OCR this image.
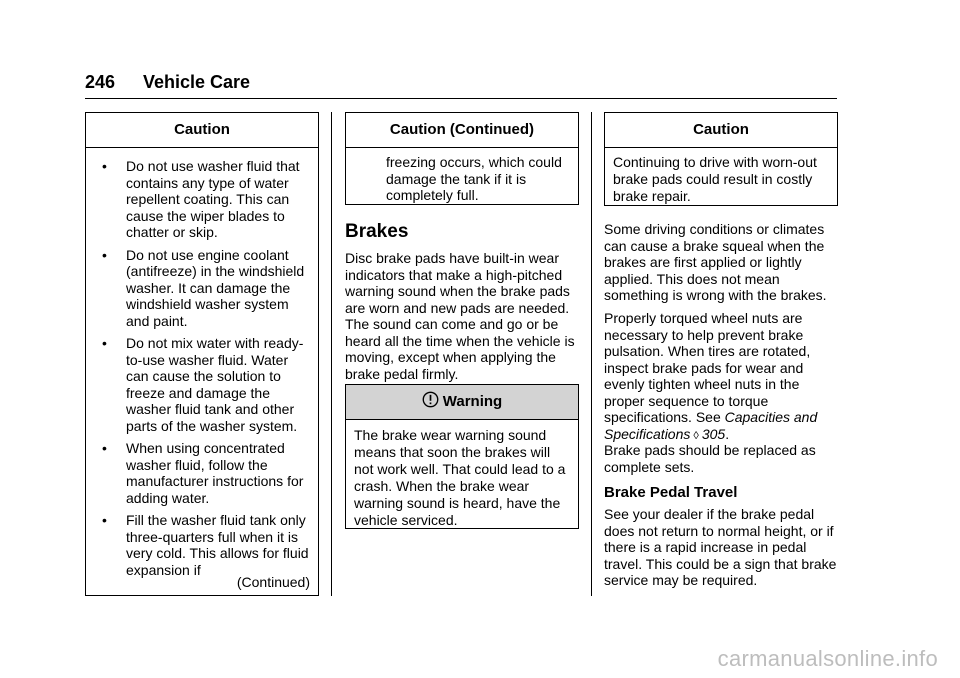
246 Vehicle Care
Caution
• Do not use washer fluid that contains any type of water repellent coating. This can cause the wiper blades to chatter or skip.
• Do not use engine coolant (antifreeze) in the windshield washer. It can damage the windshield washer system and paint.
• Do not mix water with ready-to-use washer fluid. Water can cause the solution to freeze and damage the washer fluid tank and other parts of the washer system.
• When using concentrated washer fluid, follow the manufacturer instructions for adding water.
• Fill the washer fluid tank only three-quarters full when it is very cold. This allows for fluid expansion if
(Continued)
Caution (Continued)
freezing occurs, which could damage the tank if it is completely full.
Brakes

Disc brake pads have built-in wear indicators that make a high-pitched warning sound when the brake pads are worn and new pads are needed. The sound can come and go or be heard all the time when the vehicle is moving, except when applying the brake pedal firmly.

Warning
The brake wear warning sound means that soon the brakes will not work well. That could lead to a crash. When the brake wear warning sound is heard, have the vehicle serviced.
Caution
Continuing to drive with worn-out brake pads could result in costly brake repair.

Some driving conditions or climates can cause a brake squeal when the brakes are first applied or lightly applied. This does not mean something is wrong with the brakes.

Properly torqued wheel nuts are necessary to help prevent brake pulsation. When tires are rotated, inspect brake pads for wear and evenly tighten wheel nuts in the proper sequence to torque specifications. See Capacities and Specifications ◊ 305.

Brake pads should be replaced as complete sets.

Brake Pedal Travel

See your dealer if the brake pedal does not return to normal height, or if there is a rapid increase in pedal travel. This could be a sign that brake service may be required.

carmanualsonline.info
